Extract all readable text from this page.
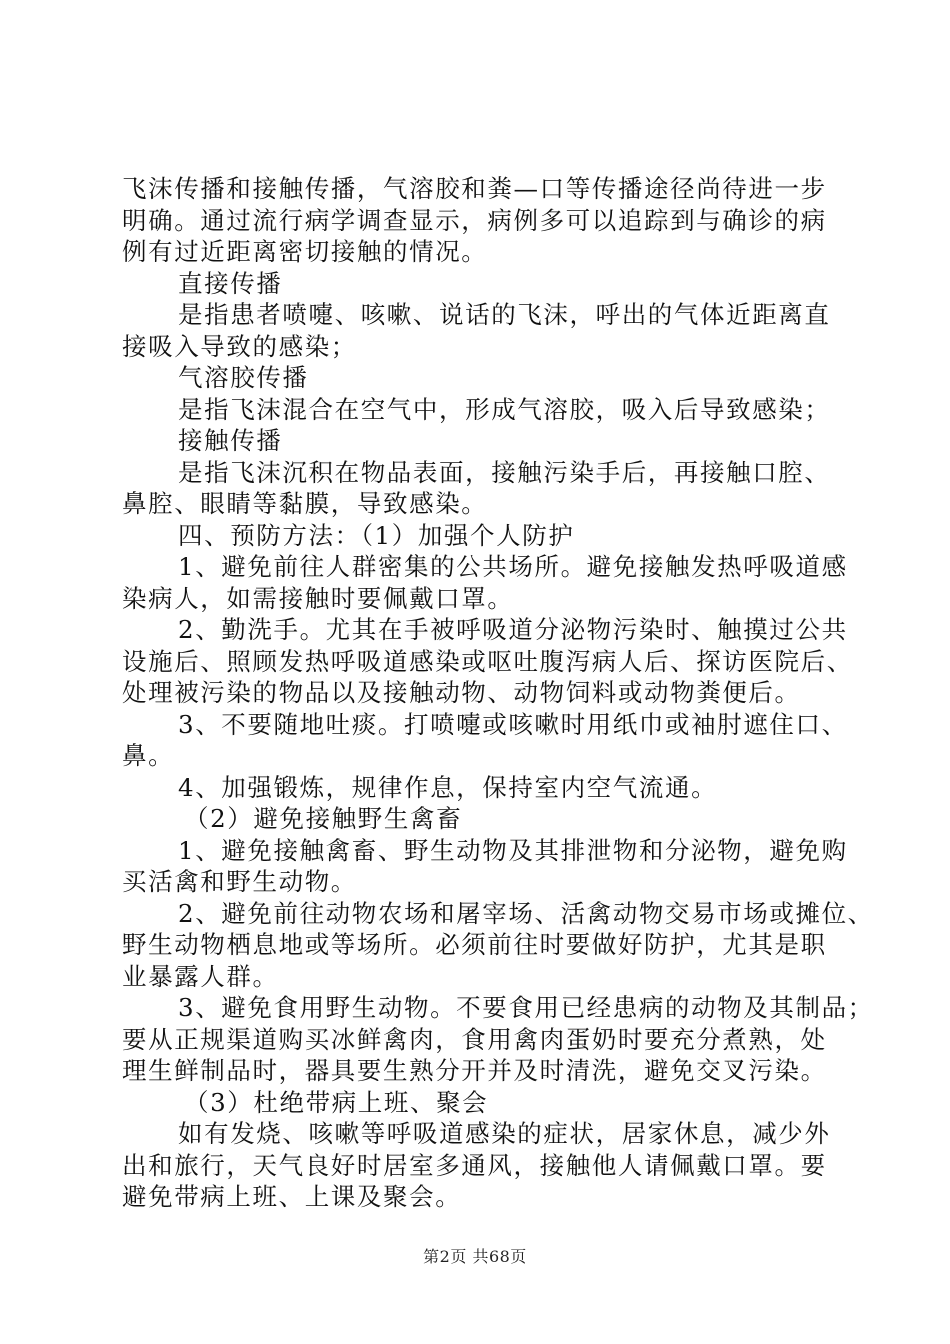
飞沫传播和接触传播，气溶胶和粪—口等传播途径尚待进一步
明确。通过流行病学调查显示，病例多可以追踪到与确诊的病
例有过近距离密切接触的情况。
直接传播
是指患者喷嚏、咳嗽、说话的飞沫，呼出的气体近距离直
接吸入导致的感染；
气溶胶传播
是指飞沫混合在空气中，形成气溶胶，吸入后导致感染；
接触传播
是指飞沫沉积在物品表面，接触污染手后，再接触口腔、
鼻腔、眼睛等黏膜，导致感染。
四、预防方法：（1）加强个人防护
1、避免前往人群密集的公共场所。避免接触发热呼吸道感
染病人，如需接触时要佩戴口罩。
2、勤洗手。尤其在手被呼吸道分泌物污染时、触摸过公共
设施后、照顾发热呼吸道感染或呕吐腹泻病人后、探访医院后、
处理被污染的物品以及接触动物、动物饲料或动物粪便后。
3、不要随地吐痰。打喷嚏或咳嗽时用纸巾或袖肘遮住口、
鼻。
4、加强锻炼，规律作息，保持室内空气流通。
（2）避免接触野生禽畜
1、避免接触禽畜、野生动物及其排泄物和分泌物，避免购
买活禽和野生动物。
2、避免前往动物农场和屠宰场、活禽动物交易市场或摊位、
野生动物栖息地或等场所。必须前往时要做好防护，尤其是职
业暴露人群。
3、避免食用野生动物。不要食用已经患病的动物及其制品；
要从正规渠道购买冰鲜禽肉，食用禽肉蛋奶时要充分煮熟，处
理生鲜制品时，器具要生熟分开并及时清洗，避免交叉污染。
（3）杜绝带病上班、聚会
如有发烧、咳嗽等呼吸道感染的症状，居家休息，减少外
出和旅行，天气良好时居室多通风，接触他人请佩戴口罩。要
避免带病上班、上课及聚会。
第2页 共68页
